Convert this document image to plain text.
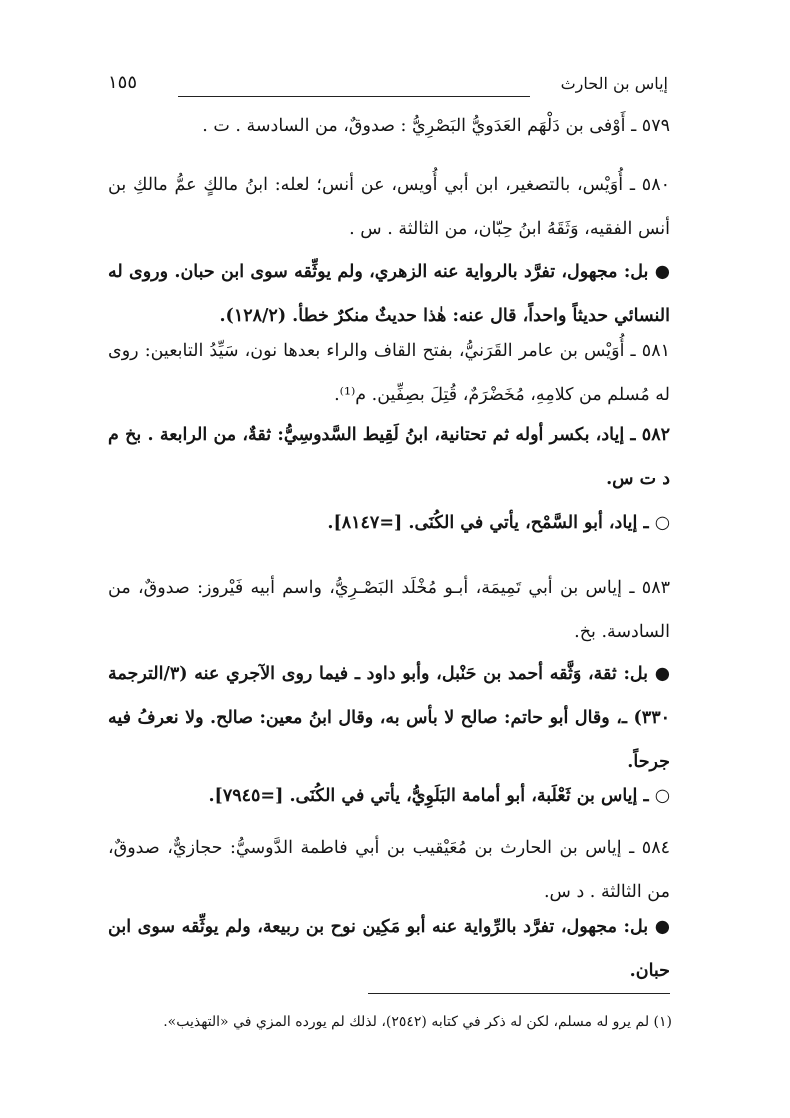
إياس بن الحارث
١٥٥
٥٧٩ ـ أَوْفى بن دَلْهَم العَدَويُّ البَصْرِيُّ : صدوقٌ، من السادسة . ت .
٥٨٠ ـ أُوَيْس، بالتصغير، ابن أبي أُويس، عن أنس؛ لعله: ابنُ مالكٍ عمُّ مالكِ بن أنس الفقيه، وَثَقَهُ ابنُ حِبّان، من الثالثة . س .
● بل: مجهول، تفرَّد بالرواية عنه الزهري، ولم يوثِّقه سوى ابن حبان. وروى له النسائي حديثاً واحداً، قال عنه: هٰذا حديثٌ منكرٌ خطأ. (١٢٨/٢).
٥٨١ ـ أُوَيْس بن عامر القَرَنيُّ، بفتح القاف والراء بعدها نون، سَيِّدُ التابعين: روى له مُسلم من كلامِهِ، مُخَضْرَمٌ، قُتِلَ بصِفِّين. م⁽¹⁾.
٥٨٢ ـ إياد، بكسر أوله ثم تحتانية، ابنُ لَقِيط السَّدوسِيُّ: ثقةٌ، من الرابعة . بخ م د ت س.
○ ـ إياد، أبو السَّمْح، يأتي في الكُنَى. [=٨١٤٧].
٥٨٣ ـ إياس بن أبي تَمِيمَة، أبـو مُخْلَد البَصْـرِيُّ، واسم أبيه فَيْروز: صدوقٌ، من السادسة. بخ.
● بل: ثقة، وَثَّقه أحمد بن حَنْبل، وأبو داود ـ فيما روى الآجري عنه (٣/الترجمة ٣٣٠) ـ، وقال أبو حاتم: صالح لا بأس به، وقال ابنُ معين: صالح. ولا نعرفُ فيه جرحاً.
○ ـ إياس بن ثَعْلَبة، أبو أمامة البَلَوِيُّ، يأتي في الكُنَى. [=٧٩٤٥].
٥٨٤ ـ إياس بن الحارث بن مُعَيْقيب بن أبي فاطمة الدَّوسيُّ: حجازيٌّ، صدوقٌ، من الثالثة . د س.
● بل: مجهول، تفرَّد بالرِّواية عنه أبو مَكِين نوح بن ربيعة، ولم يوثِّقه سوى ابن حبان.
(١) لم يرو له مسلم، لكن له ذكر في كتابه (٢٥٤٢)، لذلك لم يورده المزي في «التهذيب».
